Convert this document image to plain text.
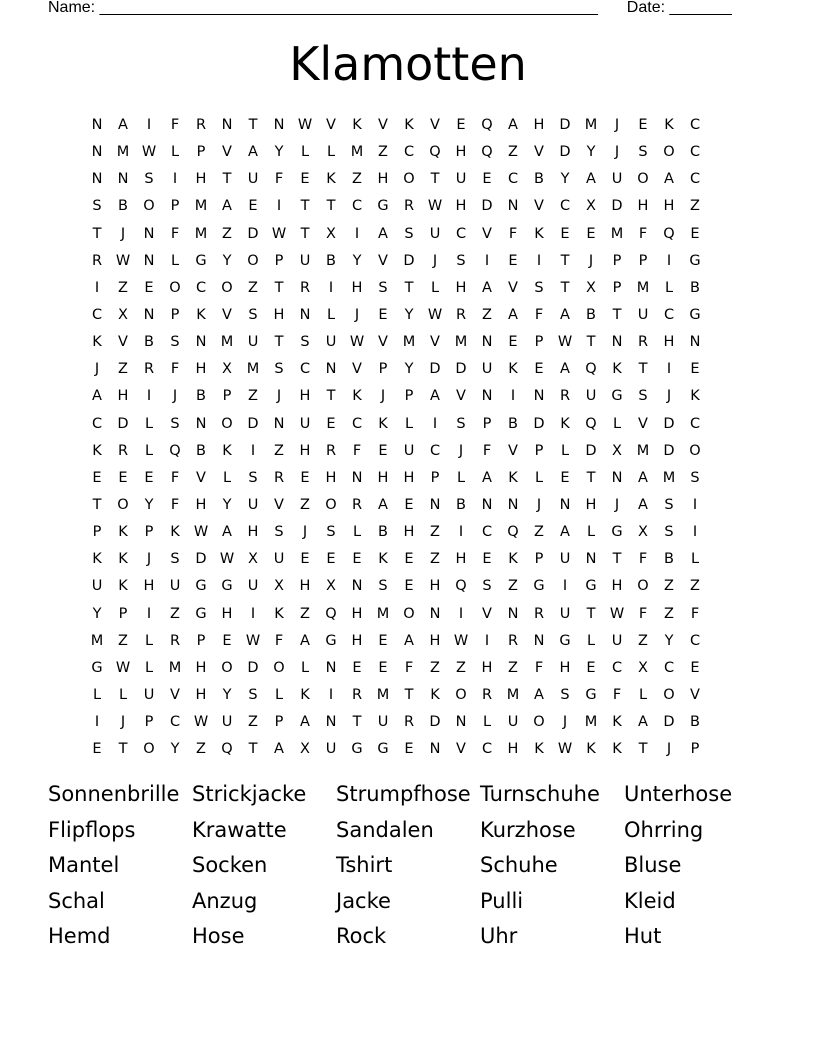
Name: ________________________________________________________ Date: _______
Klamotten
N	A	I	F	R	N	T	N W V	K	V	K	V	E	Q	A	H	D M	J	E	K	C
N M W	L	P	V	A	Y	L	L	M	Z	C	Q	H	Q	Z	V	D	Y	J	S	O	C
N	N	S	I	H	T	U	F	E	K	Z	H	O	T	U	E	C	B	Y	A	U	O	A	C
S	B	O	P	M	A	E	I	T	T	C	G	R W H	D	N	V	C	X	D	H	H	Z
T	J	N	F	M	Z	D W T	X	I	A	S	U	C	V	F	K	E	E	M	F	Q	E
R W N	L	G	Y	O	P	U	B	Y	V	D	J	S	I	E	I	T	J	P	P	I	G
I	Z	E	O	C	O	Z	T	R	I	H	S	T	L	H	A	V	S	T	X	P	M	L	B
C	X	N	P	K	V	S	H	N	L	J	E	Y W R	Z	A	F	A	B	T	U	C	G
K	V	B	S	N M U	T	S	U W V	M	V	M N	E	P W T	N	R	H	N
J	Z	R	F	H	X	M	S	C	N	V	P	Y	D	D	U	K	E	A	Q	K	T	I	E
A	H	I	J	B	P	Z	J	H	T	K	J	P	A	V	N	I	N	R	U	G	S	J	K
C	D	L	S	N	O	D	N	U	E	C	K	L	I	S	P	B	D	K	Q	L	V	D	C
K	R	L	Q	B	K	I	Z	H	R	F	E	U	C	J	F	V	P	L	D	X	M D	O
E	E	E	F	V	L	S	R	E	H	N	H	H	P	L	A	K	L	E	T	N	A	M	S
T	O	Y	F	H	Y	U	V	Z	O	R	A	E	N	B	N	N	J	N	H	J	A	S	I
P	K	P	K W A	H	S	J	S	L	B	H	Z	I	C	Q	Z	A	L	G	X	S	I
K	K	J	S	D W X	U	E	E	E	K	E	Z	H	E	K	P	U	N	T	F	B	L
U	K	H	U	G	G	U	X	H	X	N	S	E	H	Q	S	Z	G	I	G	H	O	Z	Z
Y	P	I	Z	G	H	I	K	Z	Q	H M O	N	I	V	N	R	U	T W	F	Z	F
M	Z	L	R	P	E W	F	A	G	H	E	A	H W	I	R	N	G	L	U	Z	Y	C
G W	L	M H	O	D	O	L	N	E	E	F	Z	Z	H	Z	F	H	E	C	X	C	E
L	L	U	V	H	Y	S	L	K	I	R	M	T	K	O	R	M	A	S	G	F	L	O	V
I	J	P	C W U	Z	P	A	N	T	U	R	D	N	L	U	O	J	M	K	A	D	B
E	T	O	Y	Z	Q	T	A	X	U	G	G	E	N	V	C	H	K W K	K	T	J	P
Sonnenbrille Strickjacke	Strumpfhose Turnschuhe	Unterhose
Flipflops	Krawatte	Sandalen	Kurzhose	Ohrring
Mantel	Socken	Tshirt	Schuhe	Bluse
Schal	Anzug	Jacke	Pulli	Kleid
Hemd	Hose	Rock	Uhr	Hut
